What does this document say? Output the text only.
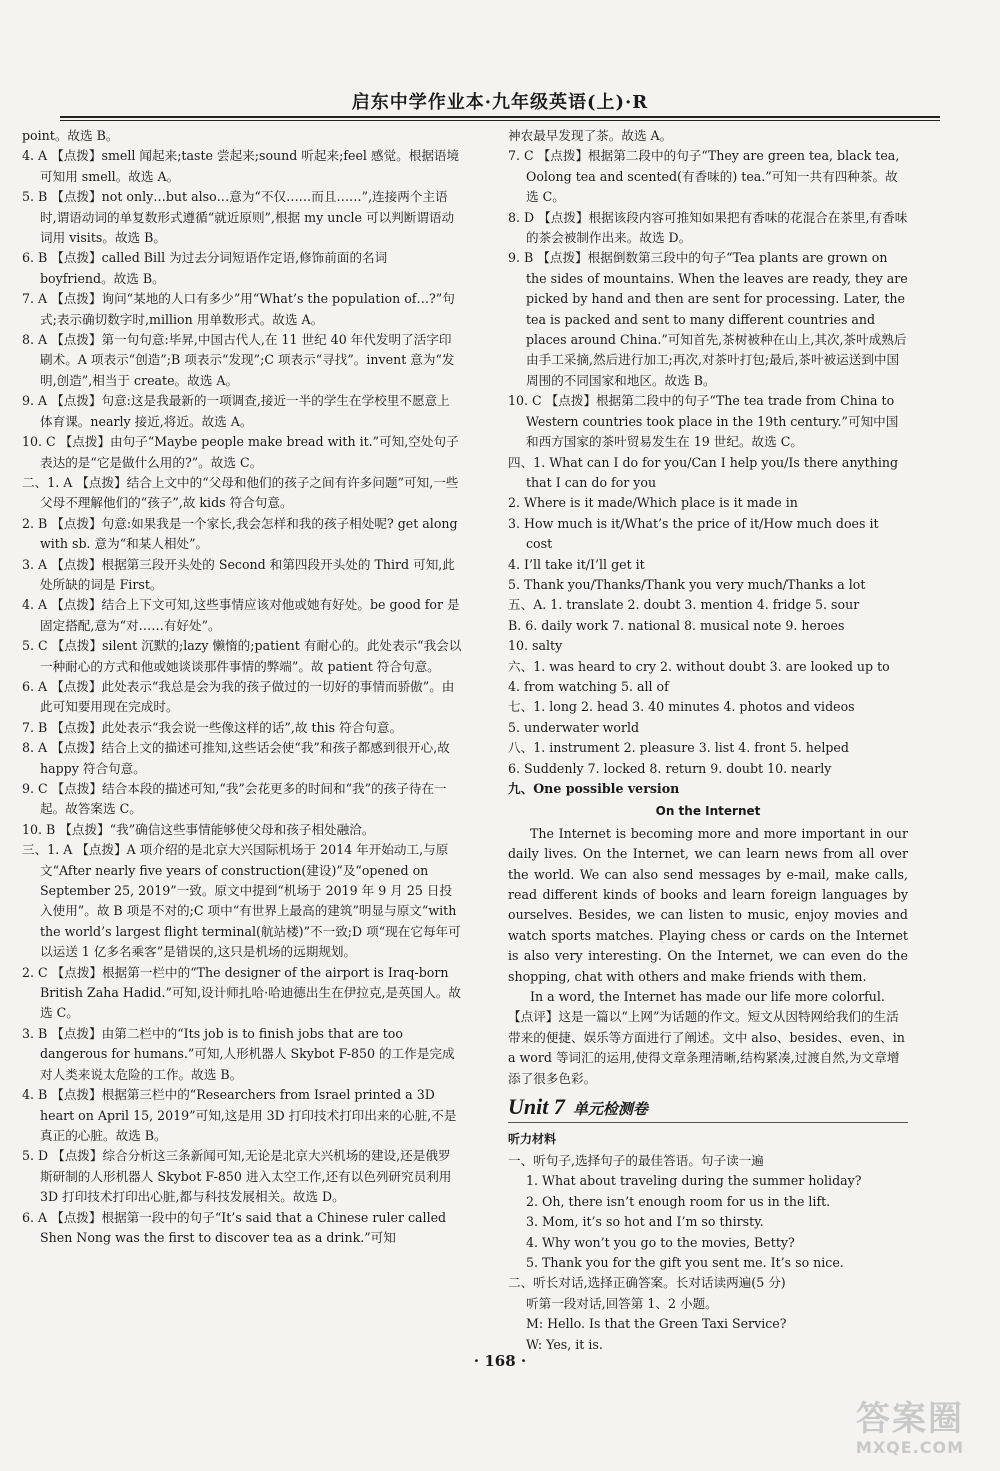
启东中学作业本·九年级英语(上)·R

point。故选 B。

4. A 【点拨】smell 闻起来;taste 尝起来;sound 听起来;feel 感觉。根据语境可知用 smell。故选 A。

5. B 【点拨】not only…but also…意为“不仅……而且……”,连接两个主语时,谓语动词的单复数形式遵循“就近原则”,根据 my uncle 可以判断谓语动词用 visits。故选 B。

6. B 【点拨】called Bill 为过去分词短语作定语,修饰前面的名词 boyfriend。故选 B。

7. A 【点拨】询问“某地的人口有多少”用“What’s the population of…?”句式;表示确切数字时,million 用单数形式。故选 A。

8. A 【点拨】第一句句意:毕昇,中国古代人,在 11 世纪 40 年代发明了活字印刷术。A 项表示“创造”;B 项表示“发现”;C 项表示“寻找”。invent 意为“发明,创造”,相当于 create。故选 A。

9. A 【点拨】句意:这是我最新的一项调查,接近一半的学生在学校里不愿意上体育课。nearly 接近,将近。故选 A。

10. C 【点拨】由句子“Maybe people make bread with it.”可知,空处句子表达的是“它是做什么用的?”。故选 C。

二、1. A 【点拨】结合上文中的“父母和他们的孩子之间有许多问题”可知,一些父母不理解他们的“孩子”,故 kids 符合句意。

2. B 【点拨】句意:如果我是一个家长,我会怎样和我的孩子相处呢? get along with sb. 意为“和某人相处”。

3. A 【点拨】根据第三段开头处的 Second 和第四段开头处的 Third 可知,此处所缺的词是 First。

4. A 【点拨】结合上下文可知,这些事情应该对他或她有好处。be good for 是固定搭配,意为“对……有好处”。

5. C 【点拨】silent 沉默的;lazy 懒惰的;patient 有耐心的。此处表示“我会以一种耐心的方式和他或她谈谈那件事情的弊端”。故 patient 符合句意。

6. A 【点拨】此处表示“我总是会为我的孩子做过的一切好的事情而骄傲”。由此可知要用现在完成时。

7. B 【点拨】此处表示“我会说一些像这样的话”,故 this 符合句意。

8. A 【点拨】结合上文的描述可推知,这些话会使“我”和孩子都感到很开心,故 happy 符合句意。

9. C 【点拨】结合本段的描述可知,“我”会花更多的时间和“我”的孩子待在一起。故答案选 C。

10. B 【点拨】“我”确信这些事情能够使父母和孩子相处融洽。

三、1. A 【点拨】A 项介绍的是北京大兴国际机场于 2014 年开始动工,与原文“After nearly five years of construction(建设)”及“opened on September 25, 2019”一致。原文中提到“机场于 2019 年 9 月 25 日投入使用”。故 B 项是不对的;C 项中“有世界上最高的建筑”明显与原文“with the world’s largest flight terminal(航站楼)”不一致;D 项“现在它每年可以运送 1 亿多名乘客”是错误的,这只是机场的远期规划。

2. C 【点拨】根据第一栏中的“The designer of the airport is Iraq-born British Zaha Hadid.”可知,设计师扎哈·哈迪德出生在伊拉克,是英国人。故选 C。

3. B 【点拨】由第二栏中的“Its job is to finish jobs that are too dangerous for humans.”可知,人形机器人 Skybot F-850 的工作是完成对人类来说太危险的工作。故选 B。

4. B 【点拨】根据第三栏中的“Researchers from Israel printed a 3D heart on April 15, 2019”可知,这是用 3D 打印技术打印出来的心脏,不是真正的心脏。故选 B。

5. D 【点拨】综合分析这三条新闻可知,无论是北京大兴机场的建设,还是俄罗斯研制的人形机器人 Skybot F-850 进入太空工作,还有以色列研究员利用 3D 打印技术打印出心脏,都与科技发展相关。故选 D。

6. A 【点拨】根据第一段中的句子“It’s said that a Chinese ruler called Shen Nong was the first to discover tea as a drink.”可知

神农最早发现了茶。故选 A。

7. C 【点拨】根据第二段中的句子“They are green tea, black tea, Oolong tea and scented(有香味的) tea.”可知一共有四种茶。故选 C。

8. D 【点拨】根据该段内容可推知如果把有香味的花混合在茶里,有香味的茶会被制作出来。故选 D。

9. B 【点拨】根据倒数第三段中的句子“Tea plants are grown on the sides of mountains. When the leaves are ready, they are picked by hand and then are sent for processing. Later, the tea is packed and sent to many different countries and places around China.”可知首先,茶树被种在山上,其次,茶叶成熟后由手工采摘,然后进行加工;再次,对茶叶打包;最后,茶叶被运送到中国周围的不同国家和地区。故选 B。

10. C 【点拨】根据第二段中的句子“The tea trade from China to Western countries took place in the 19th century.”可知中国和西方国家的茶叶贸易发生在 19 世纪。故选 C。

四、1. What can I do for you/Can I help you/Is there anything that I can do for you

2. Where is it made/Which place is it made in

3. How much is it/What’s the price of it/How much does it cost

4. I’ll take it/I’ll get it

5. Thank you/Thanks/Thank you very much/Thanks a lot

五、A. 1. translate 2. doubt 3. mention 4. fridge 5. sour

B. 6. daily work 7. national 8. musical note 9. heroes

10. salty

六、1. was heard to cry 2. without doubt 3. are looked up to

4. from watching 5. all of

七、1. long 2. head 3. 40 minutes 4. photos and videos

5. underwater world

八、1. instrument 2. pleasure 3. list 4. front 5. helped

6. Suddenly 7. locked 8. return 9. doubt 10. nearly

九、One possible version

On the Internet

The Internet is becoming more and more important in our daily lives. On the Internet, we can learn news from all over the world. We can also send messages by e-mail, make calls, read different kinds of books and learn foreign languages by ourselves. Besides, we can listen to music, enjoy movies and watch sports matches. Playing chess or cards on the Internet is also very interesting. On the Internet, we can even do the shopping, chat with others and make friends with them.

In a word, the Internet has made our life more colorful.

【点评】这是一篇以“上网”为话题的作文。短文从因特网给我们的生活带来的便捷、娱乐等方面进行了阐述。文中 also、besides、even、in a word 等词汇的运用,使得文章条理清晰,结构紧凑,过渡自然,为文章增添了很多色彩。

Unit 7 单元检测卷
听力材料

一、听句子,选择句子的最佳答语。句子读一遍

1. What about traveling during the summer holiday?

2. Oh, there isn’t enough room for us in the lift.

3. Mom, it’s so hot and I’m so thirsty.

4. Why won’t you go to the movies, Betty?

5. Thank you for the gift you sent me. It’s so nice.

二、听长对话,选择正确答案。长对话读两遍(5 分)

听第一段对话,回答第 1、2 小题。

M: Hello. Is that the Green Taxi Service?

W: Yes, it is.

· 168 ·
答案圈
MXQE.COM
